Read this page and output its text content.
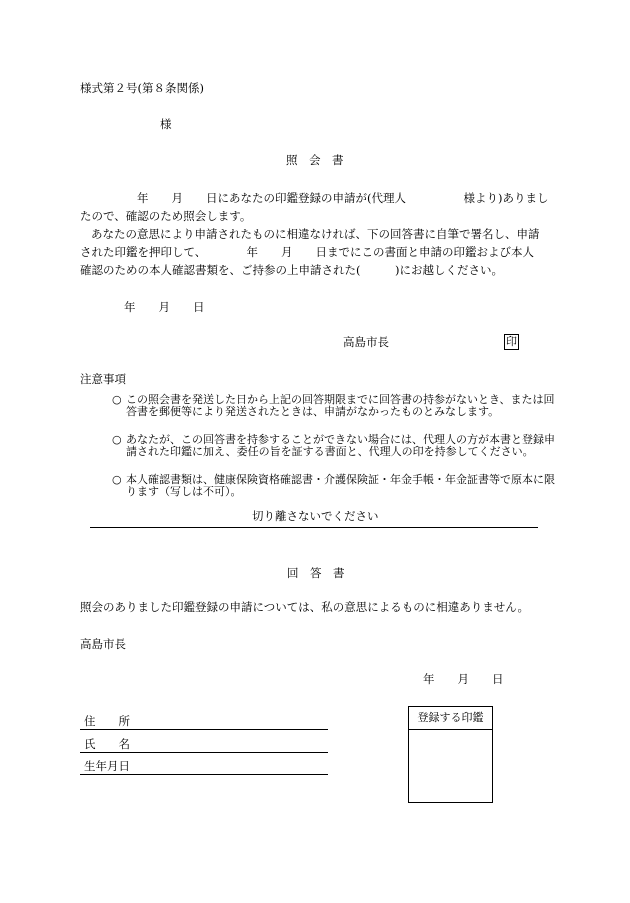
様式第２号(第８条関係)
様
照　会　書
年　　月　　日にあなたの印鑑登録の申請が(代理人　　　　　様より)ありまし
たので、確認のため照会します。
あなたの意思により申請されたものに相違なければ、下の回答書に自筆で署名し、申請
された印鑑を押印して、　　　　年　　月　　日までにこの書面と申請の印鑑および本人
確認のための本人確認書類を、ご持参の上申請された(　　　)にお越しください。
年　　月　　日
高島市長	印
注意事項
○ この照会書を発送した日から上記の回答期限までに回答書の持参がないとき、または回答書を郵便等により発送されたときは、申請がなかったものとみなします。
○ あなたが、この回答書を持参することができない場合には、代理人の方が本書と登録申請された印鑑に加え、委任の旨を証する書面と、代理人の印を持参してください。
○ 本人確認書類は、健康保険資格確認書・介護保険証・年金手帳・年金証書等で原本に限ります（写しは不可）。
切り離さないでください
回　答　書
照会のありました印鑑登録の申請については、私の意思によるものに相違ありません。
高島市長
年　　月　　日
住　　所
氏　　名
生年月日
登録する印鑑
